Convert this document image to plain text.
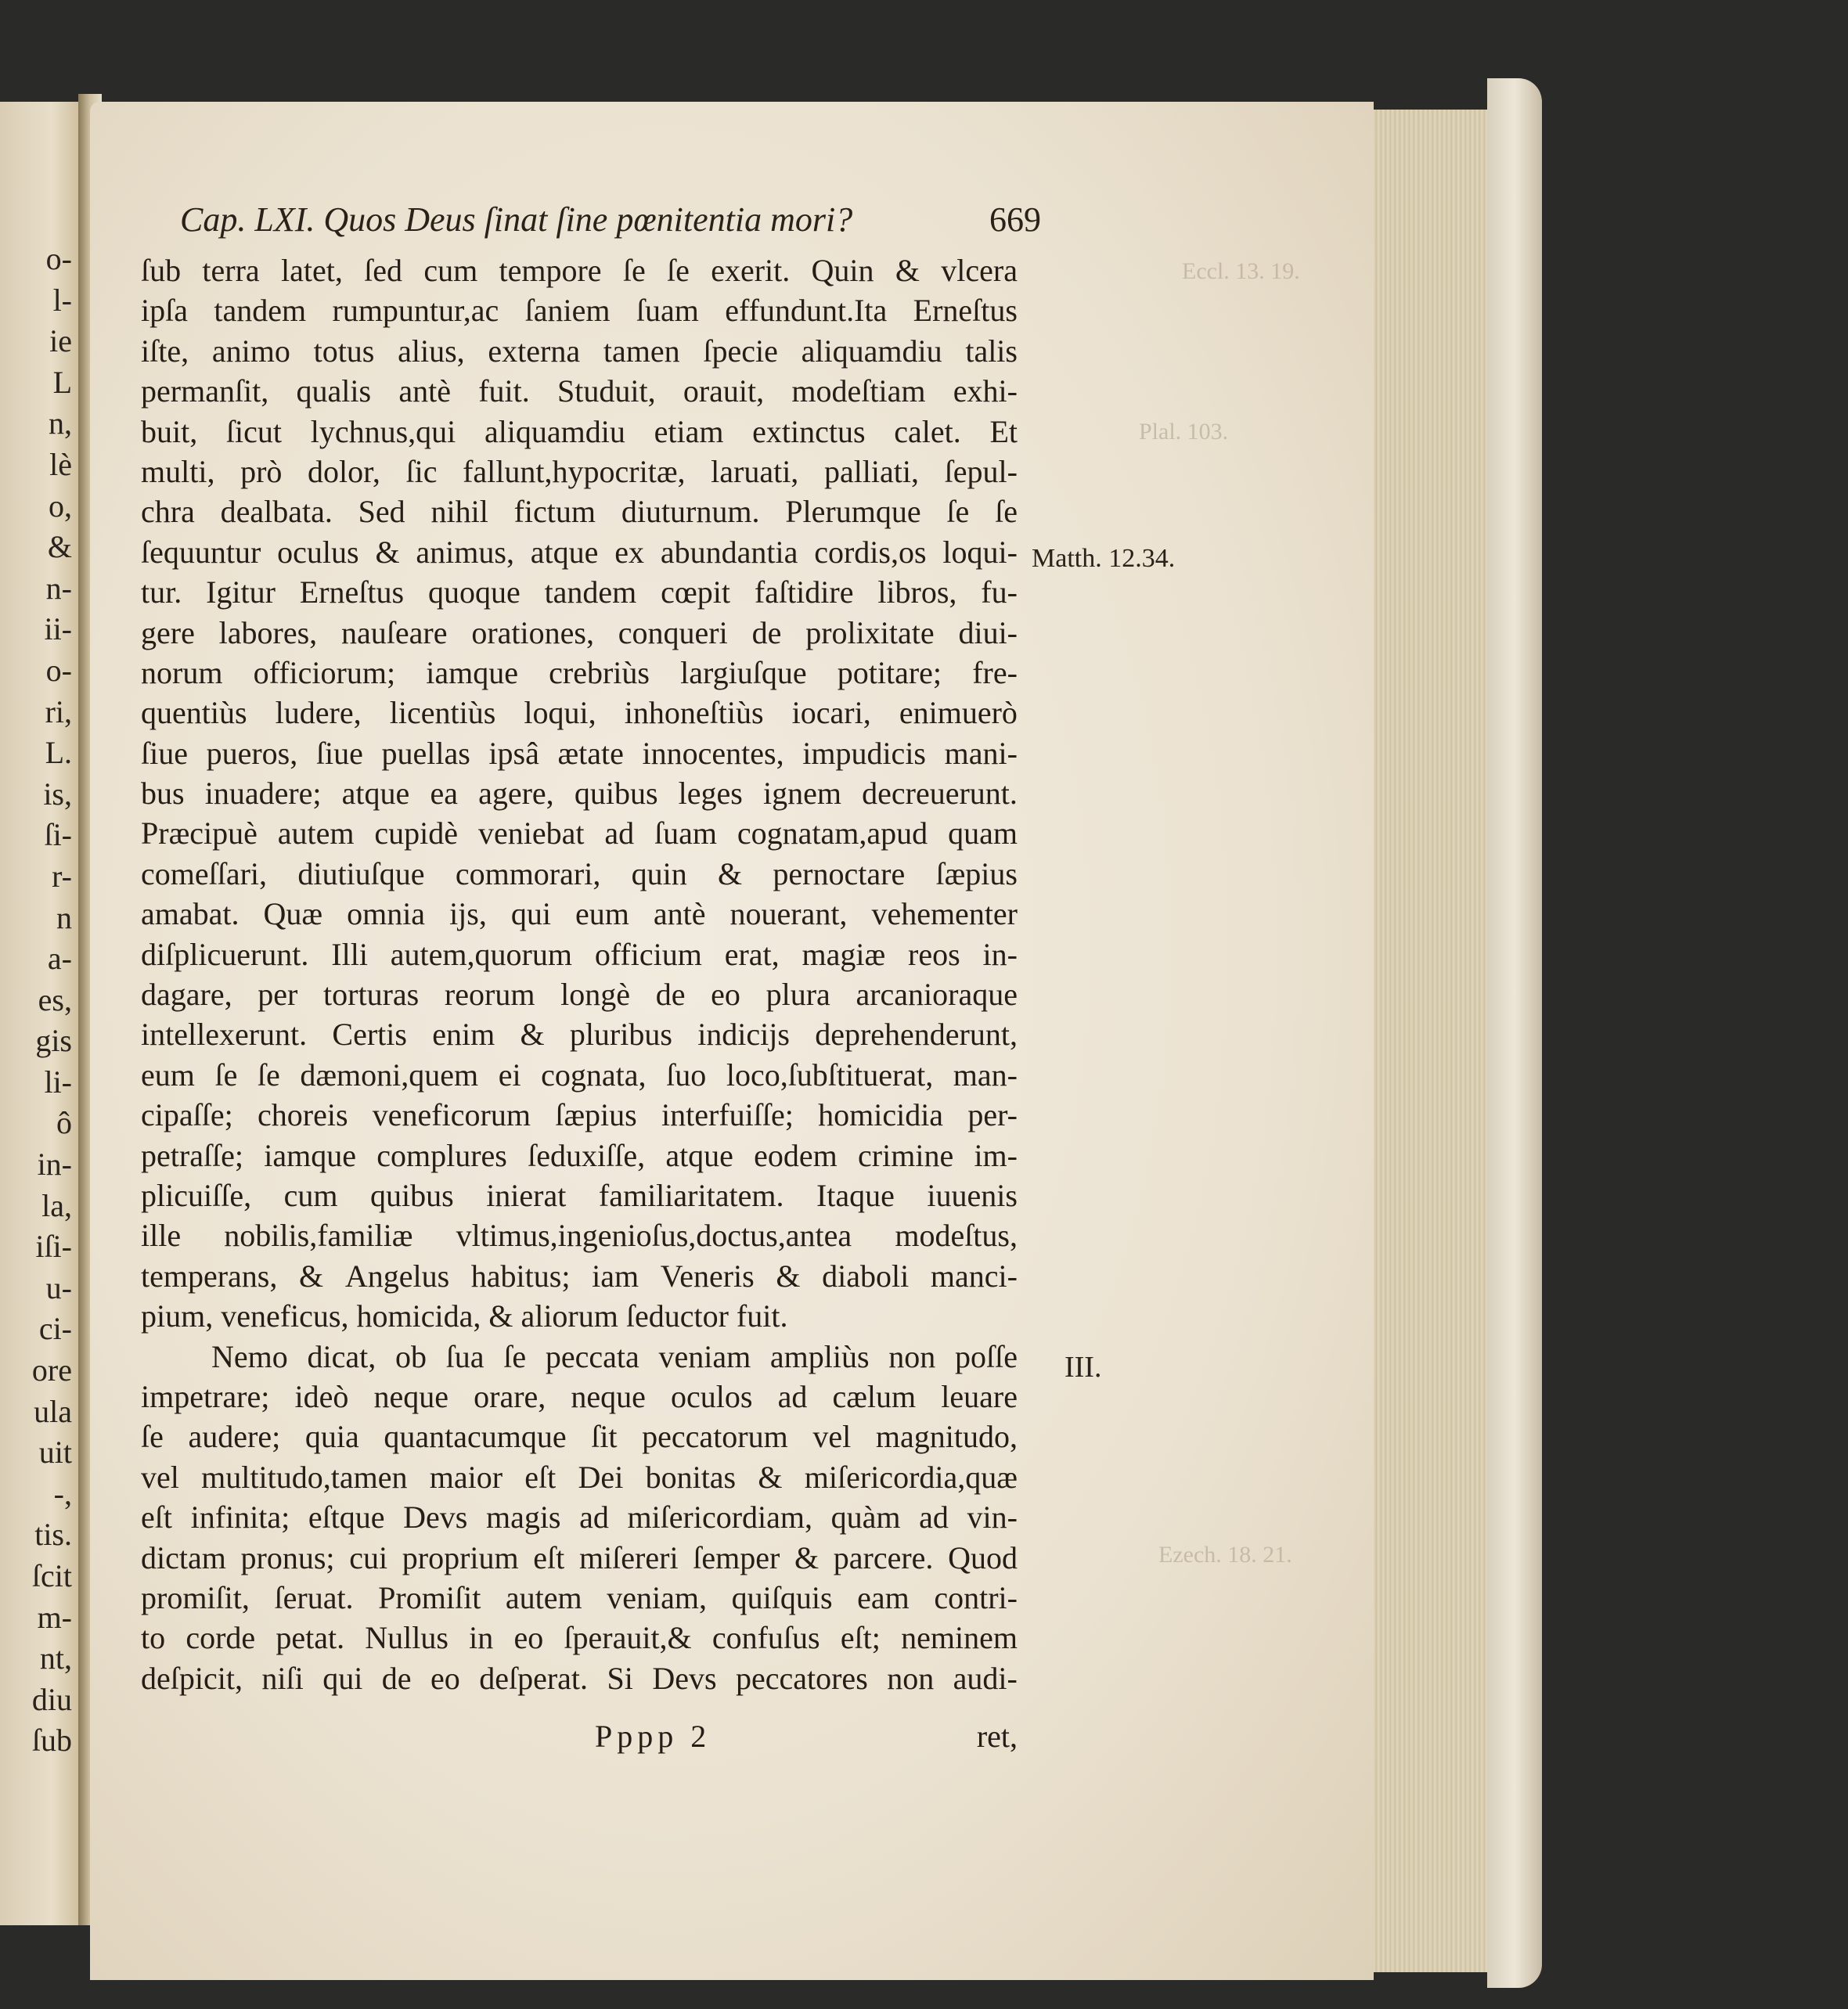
o-
l-
ie
L
n,
lè
o,
&
n-
ii-
o-
ri,
L.
is,
ſi-
r-
n
a-
es,
gis
li-
ô
in-
la,
iſi-
u-
ci-
ore
ula
uit
-,
tis.
ſcit
m-
nt,
diu
ſub
Cap. LXI. Quos Deus ſinat ſine pœnitentia mori?	669
ſub terra latet, ſed cum tempore ſe ſe exerit. Quin & vlcera
ipſa tandem rumpuntur,ac ſaniem ſuam effundunt.Ita Erneſtus
iſte, animo totus alius, externa tamen ſpecie aliquamdiu talis
permanſit, qualis antè fuit. Studuit, orauit, modeſtiam exhi-
buit, ſicut lychnus,qui aliquamdiu etiam extinctus calet. Et
multi, prò dolor, ſic fallunt,hypocritæ, laruati, palliati, ſepul-
chra dealbata. Sed nihil fictum diuturnum. Plerumque ſe ſe
ſequuntur oculus & animus, atque ex abundantia cordis,os loqui-
tur. Igitur Erneſtus quoque tandem cœpit faſtidire libros, fu-
gere labores, nauſeare orationes, conqueri de prolixitate diui-
norum officiorum; iamque crebriùs largiuſque potitare; fre-
quentiùs ludere, licentiùs loqui, inhoneſtiùs iocari, enimuerò
ſiue pueros, ſiue puellas ipsâ ætate innocentes, impudicis mani-
bus inuadere; atque ea agere, quibus leges ignem decreuerunt.
Præcipuè autem cupidè veniebat ad ſuam cognatam,apud quam
comeſſari, diutiuſque commorari, quin & pernoctare ſæpius
amabat. Quæ omnia ijs, qui eum antè nouerant, vehementer
diſplicuerunt. Illi autem,quorum officium erat, magiæ reos in-
dagare, per torturas reorum longè de eo plura arcanioraque
intellexerunt. Certis enim & pluribus indicijs deprehenderunt,
eum ſe ſe dæmoni,quem ei cognata, ſuo loco,ſubſtituerat, man-
cipaſſe; choreis veneficorum ſæpius interfuiſſe; homicidia per-
petraſſe; iamque complures ſeduxiſſe, atque eodem crimine im-
plicuiſſe, cum quibus inierat familiaritatem. Itaque iuuenis
ille nobilis,familiæ vltimus,ingenioſus,doctus,antea modeſtus,
temperans, & Angelus habitus; iam Veneris & diaboli manci-
pium, veneficus, homicida, & aliorum ſeductor fuit.
Nemo dicat, ob ſua ſe peccata veniam ampliùs non poſſe
impetrare; ideò neque orare, neque oculos ad cælum leuare
ſe audere; quia quantacumque ſit peccatorum vel magnitudo,
vel multitudo,tamen maior eſt Dei bonitas & miſericordia,quæ
eſt infinita; eſtque Devs magis ad miſericordiam, quàm ad vin-
dictam pronus; cui proprium eſt miſereri ſemper & parcere. Quod
promiſit, ſeruat. Promiſit autem veniam, quiſquis eam contri-
to corde petat. Nullus in eo ſperauit,& confuſus eſt; neminem
deſpicit, niſi qui de eo deſperat. Si Devs peccatores non audi-
Matth. 12.34.
III.
Eccl. 13. 19.
Plal. 103.
Ezech. 18. 21.
Pppp 2	ret,
